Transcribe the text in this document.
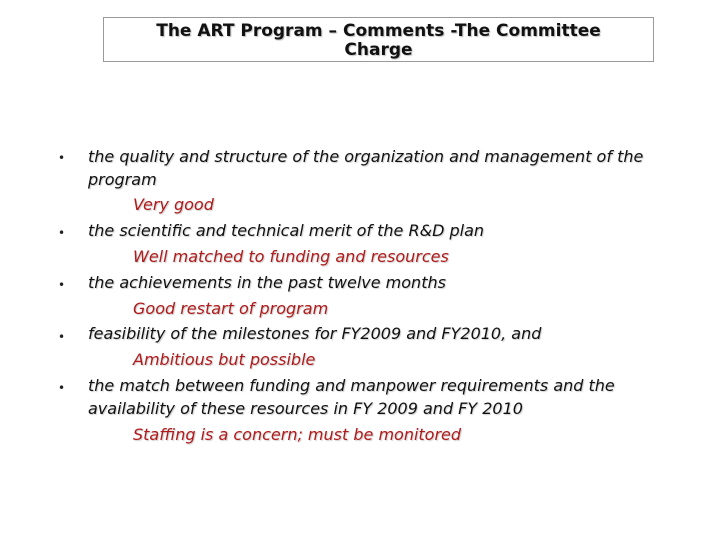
The ART Program – Comments -The Committee
Charge
• the quality and structure of the organization and management of the
program
Very good
• the scientific and technical merit of the R&D plan
Well matched to funding and resources
• the achievements in the past twelve months
Good restart of program
• feasibility of the milestones for FY2009 and FY2010, and
Ambitious but possible
• the match between funding and manpower requirements and the
availability of these resources in FY 2009 and FY 2010
Staffing is a concern; must be monitored
